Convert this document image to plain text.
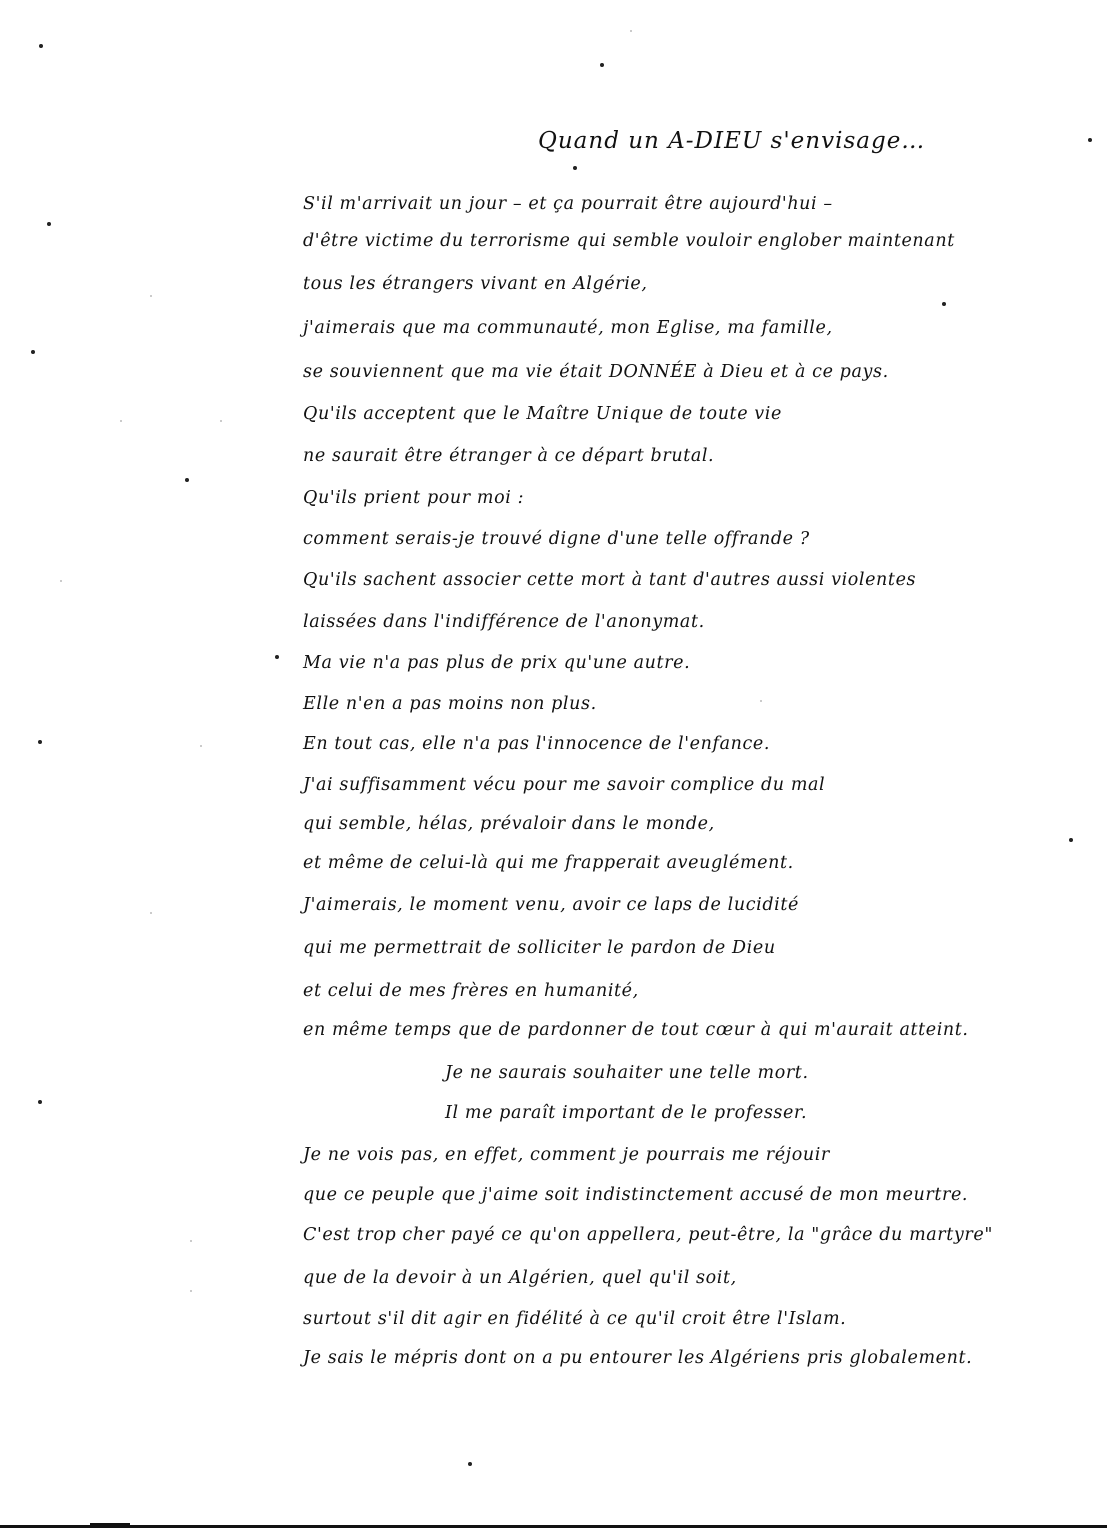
Quand un A-DIEU s'envisage…
S'il m'arrivait un jour – et ça pourrait être aujourd'hui –
d'être victime du terrorisme qui semble vouloir englober maintenant
tous les étrangers vivant en Algérie,
j'aimerais que ma communauté, mon Eglise, ma famille,
se souviennent que ma vie était DONNÉE à Dieu et à ce pays.
Qu'ils acceptent que le Maître Unique de toute vie
ne saurait être étranger à ce départ brutal.
Qu'ils prient pour moi :
comment serais-je trouvé digne d'une telle offrande ?
Qu'ils sachent associer cette mort à tant d'autres aussi violentes
laissées dans l'indifférence de l'anonymat.
Ma vie n'a pas plus de prix qu'une autre.
Elle n'en a pas moins non plus.
En tout cas, elle n'a pas l'innocence de l'enfance.
J'ai suffisamment vécu pour me savoir complice du mal
qui semble, hélas, prévaloir dans le monde,
et même de celui-là qui me frapperait aveuglément.
J'aimerais, le moment venu, avoir ce laps de lucidité
qui me permettrait de solliciter le pardon de Dieu
et celui de mes frères en humanité,
en même temps que de pardonner de tout cœur à qui m'aurait atteint.
Je ne saurais souhaiter une telle mort.
Il me paraît important de le professer.
Je ne vois pas, en effet, comment je pourrais me réjouir
que ce peuple que j'aime soit indistinctement accusé de mon meurtre.
C'est trop cher payé ce qu'on appellera, peut-être, la "grâce du martyre"
que de la devoir à un Algérien, quel qu'il soit,
surtout s'il dit agir en fidélité à ce qu'il croit être l'Islam.
Je sais le mépris dont on a pu entourer les Algériens pris globalement.
